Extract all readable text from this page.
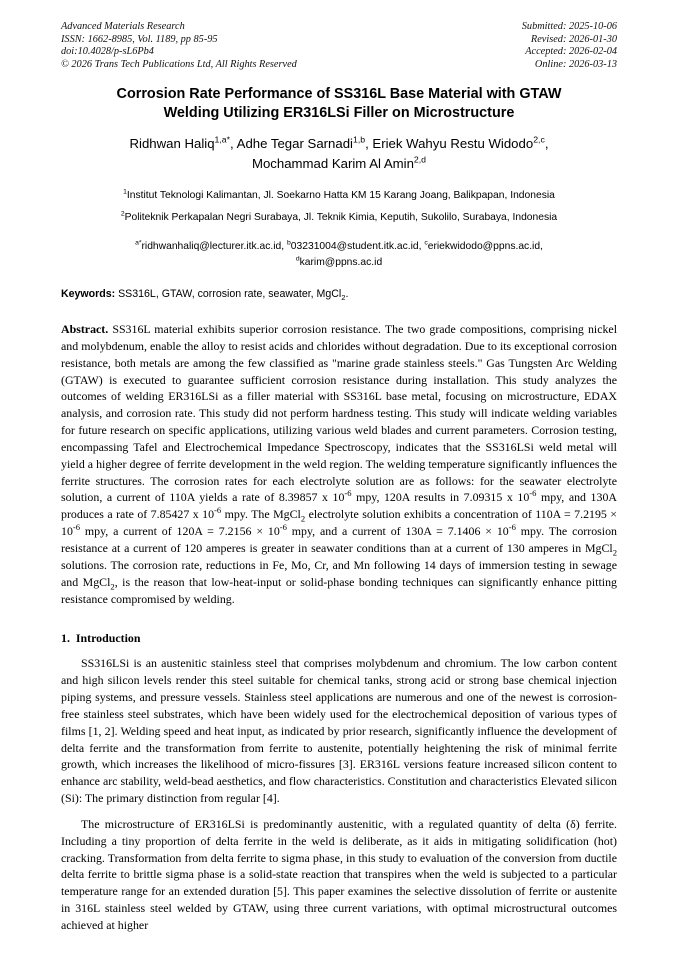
Advanced Materials Research
ISSN: 1662-8985, Vol. 1189, pp 85-95
doi:10.4028/p-sL6Pb4
© 2026 Trans Tech Publications Ltd, All Rights Reserved
Submitted: 2025-10-06
Revised: 2026-01-30
Accepted: 2026-02-04
Online: 2026-03-13
Corrosion Rate Performance of SS316L Base Material with GTAW
Welding Utilizing ER316LSi Filler on Microstructure
Ridhwan Haliq$^{1,a*}$, Adhe Tegar Sarnadi$^{1,b}$, Eriek Wahyu Restu Widodo$^{2,c}$,
Mochammad Karim Al Amin$^{2,d}$
$^1$Institut Teknologi Kalimantan, Jl. Soekarno Hatta KM 15 Karang Joang, Balikpapan, Indonesia
$^2$Politeknik Perkapalan Negri Surabaya, Jl. Teknik Kimia, Keputih, Sukolilo, Surabaya, Indonesia
$^{a*}$ridhwanhaliq@lecturer.itk.ac.id, $^b$03231004@student.itk.ac.id, $^c$eriekwidodo@ppns.ac.id,
$^d$karim@ppns.ac.id
Keywords: SS316L, GTAW, corrosion rate, seawater, MgCl$_2$.
Abstract. SS316L material exhibits superior corrosion resistance. The two grade compositions, comprising nickel and molybdenum, enable the alloy to resist acids and chlorides without degradation. Due to its exceptional corrosion resistance, both metals are among the few classified as "marine grade stainless steels." Gas Tungsten Arc Welding (GTAW) is executed to guarantee sufficient corrosion resistance during installation. This study analyzes the outcomes of welding ER316LSi as a filler material with SS316L base metal, focusing on microstructure, EDAX analysis, and corrosion rate. This study did not perform hardness testing. This study will indicate welding variables for future research on specific applications, utilizing various weld blades and current parameters. Corrosion testing, encompassing Tafel and Electrochemical Impedance Spectroscopy, indicates that the SS316LSi weld metal will yield a higher degree of ferrite development in the weld region. The welding temperature significantly influences the ferrite structures. The corrosion rates for each electrolyte solution are as follows: for the seawater electrolyte solution, a current of 110A yields a rate of 8.39857 x $10^{-6}$ mpy, 120A results in 7.09315 x $10^{-6}$ mpy, and 130A produces a rate of 7.85427 x $10^{-6}$ mpy. The MgCl$_2$ electrolyte solution exhibits a concentration of $110A = 7.2195 \times 10^{-6}$ mpy, a current of $120A = 7.2156 \times 10^{-6}$ mpy, and a current of $130A = 7.1406 \times 10^{-6}$ mpy. The corrosion resistance at a current of 120 amperes is greater in seawater conditions than at a current of 130 amperes in MgCl$_2$ solutions. The corrosion rate, reductions in Fe, Mo, Cr, and Mn following 14 days of immersion testing in sewage and MgCl$_2$, is the reason that low-heat-input or solid-phase bonding techniques can significantly enhance pitting resistance compromised by welding.
1. Introduction
SS316LSi is an austenitic stainless steel that comprises molybdenum and chromium. The low carbon content and high silicon levels render this steel suitable for chemical tanks, strong acid or strong base chemical injection piping systems, and pressure vessels. Stainless steel applications are numerous and one of the newest is corrosion-free stainless steel substrates, which have been widely used for the electrochemical deposition of various types of films [1, 2]. Welding speed and heat input, as indicated by prior research, significantly influence the development of delta ferrite and the transformation from ferrite to austenite, potentially heightening the risk of minimal ferrite growth, which increases the likelihood of micro-fissures [3]. ER316L versions feature increased silicon content to enhance arc stability, weld-bead aesthetics, and flow characteristics. Constitution and characteristics Elevated silicon (Si): The primary distinction from regular [4].
The microstructure of ER316LSi is predominantly austenitic, with a regulated quantity of delta (δ) ferrite. Including a tiny proportion of delta ferrite in the weld is deliberate, as it aids in mitigating solidification (hot) cracking. Transformation from delta ferrite to sigma phase, in this study to evaluation of the conversion from ductile delta ferrite to brittle sigma phase is a solid-state reaction that transpires when the weld is subjected to a particular temperature range for an extended duration [5]. This paper examines the selective dissolution of ferrite or austenite in 316L stainless steel welded by GTAW, using three current variations, with optimal microstructural outcomes achieved at higher
